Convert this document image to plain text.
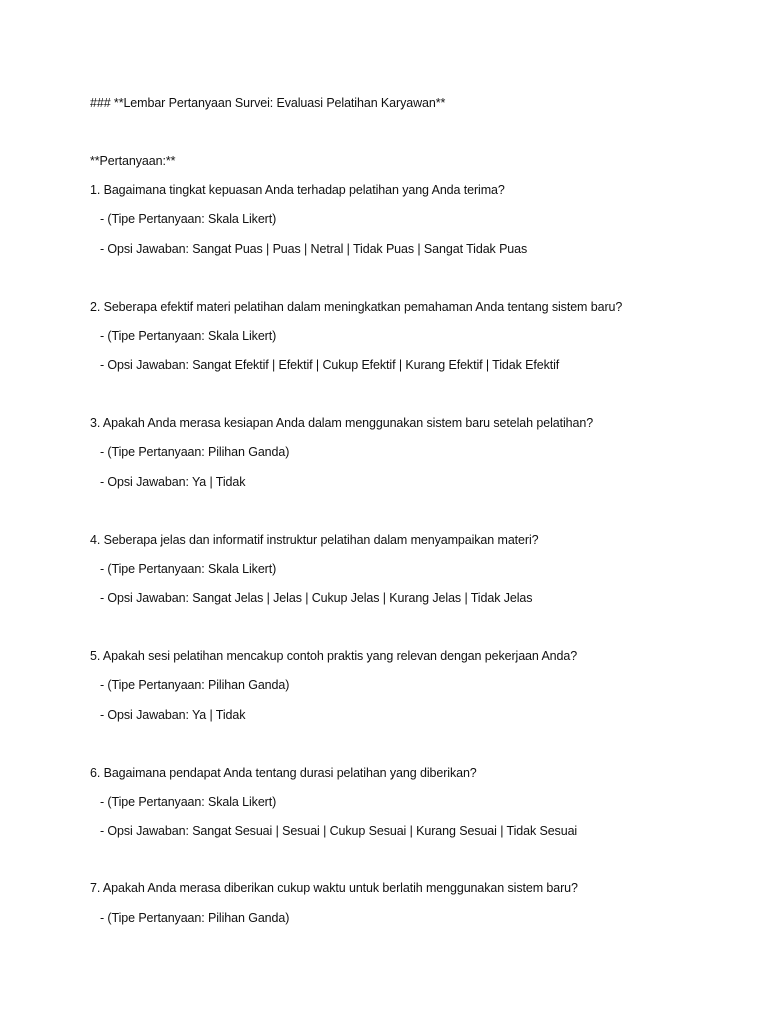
### **Lembar Pertanyaan Survei: Evaluasi Pelatihan Karyawan**
**Pertanyaan:**
1. Bagaimana tingkat kepuasan Anda terhadap pelatihan yang Anda terima?
- (Tipe Pertanyaan: Skala Likert)
- Opsi Jawaban: Sangat Puas | Puas | Netral | Tidak Puas | Sangat Tidak Puas
2. Seberapa efektif materi pelatihan dalam meningkatkan pemahaman Anda tentang sistem baru?
- (Tipe Pertanyaan: Skala Likert)
- Opsi Jawaban: Sangat Efektif | Efektif | Cukup Efektif | Kurang Efektif | Tidak Efektif
3. Apakah Anda merasa kesiapan Anda dalam menggunakan sistem baru setelah pelatihan?
- (Tipe Pertanyaan: Pilihan Ganda)
- Opsi Jawaban: Ya | Tidak
4. Seberapa jelas dan informatif instruktur pelatihan dalam menyampaikan materi?
- (Tipe Pertanyaan: Skala Likert)
- Opsi Jawaban: Sangat Jelas | Jelas | Cukup Jelas | Kurang Jelas | Tidak Jelas
5. Apakah sesi pelatihan mencakup contoh praktis yang relevan dengan pekerjaan Anda?
- (Tipe Pertanyaan: Pilihan Ganda)
- Opsi Jawaban: Ya | Tidak
6. Bagaimana pendapat Anda tentang durasi pelatihan yang diberikan?
- (Tipe Pertanyaan: Skala Likert)
- Opsi Jawaban: Sangat Sesuai | Sesuai | Cukup Sesuai | Kurang Sesuai | Tidak Sesuai
7. Apakah Anda merasa diberikan cukup waktu untuk berlatih menggunakan sistem baru?
- (Tipe Pertanyaan: Pilihan Ganda)
